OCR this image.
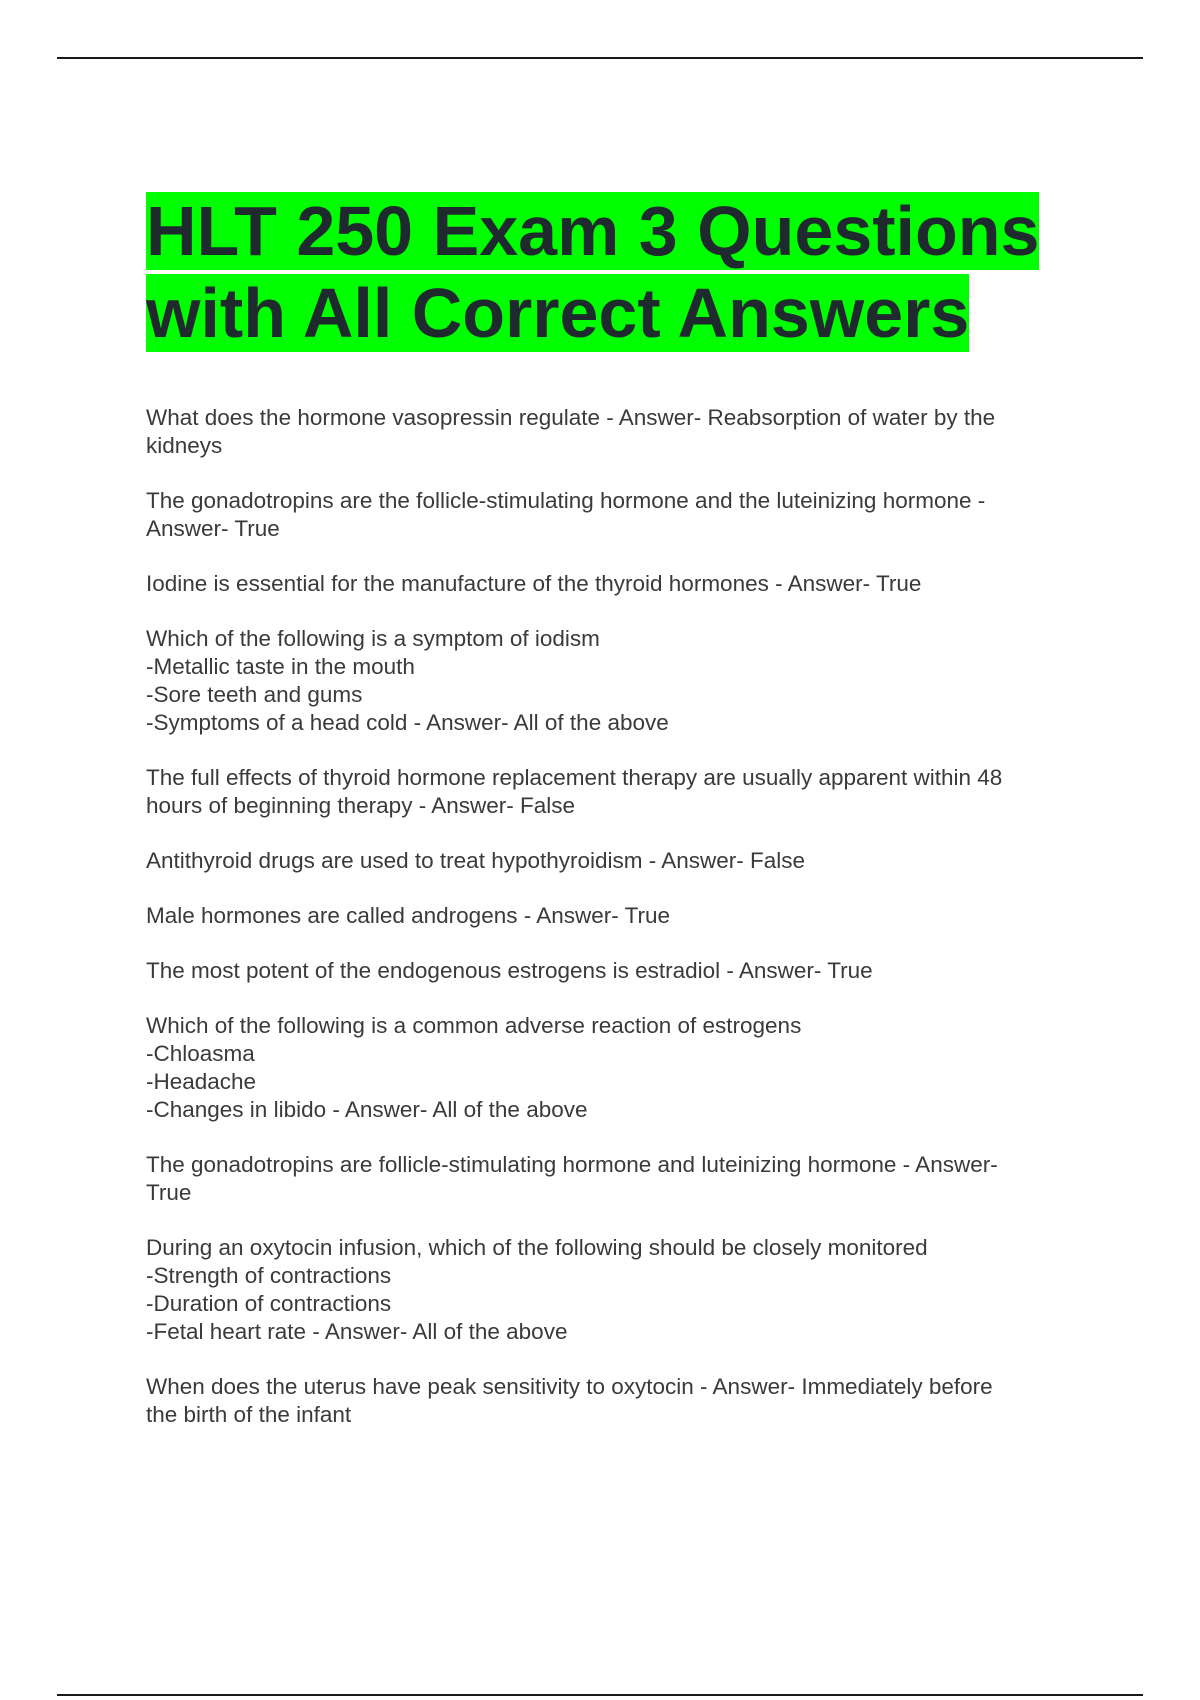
HLT 250 Exam 3 Questions
with All Correct Answers
What does the hormone vasopressin regulate - Answer- Reabsorption of water by the
kidneys
The gonadotropins are the follicle-stimulating hormone and the luteinizing hormone -
Answer- True
Iodine is essential for the manufacture of the thyroid hormones - Answer- True
Which of the following is a symptom of iodism
-Metallic taste in the mouth
-Sore teeth and gums
-Symptoms of a head cold - Answer- All of the above
The full effects of thyroid hormone replacement therapy are usually apparent within 48
hours of beginning therapy - Answer- False
Antithyroid drugs are used to treat hypothyroidism - Answer- False
Male hormones are called androgens - Answer- True
The most potent of the endogenous estrogens is estradiol - Answer- True
Which of the following is a common adverse reaction of estrogens
-Chloasma
-Headache
-Changes in libido - Answer- All of the above
The gonadotropins are follicle-stimulating hormone and luteinizing hormone - Answer-
True
During an oxytocin infusion, which of the following should be closely monitored
-Strength of contractions
-Duration of contractions
-Fetal heart rate - Answer- All of the above
When does the uterus have peak sensitivity to oxytocin - Answer- Immediately before
the birth of the infant
